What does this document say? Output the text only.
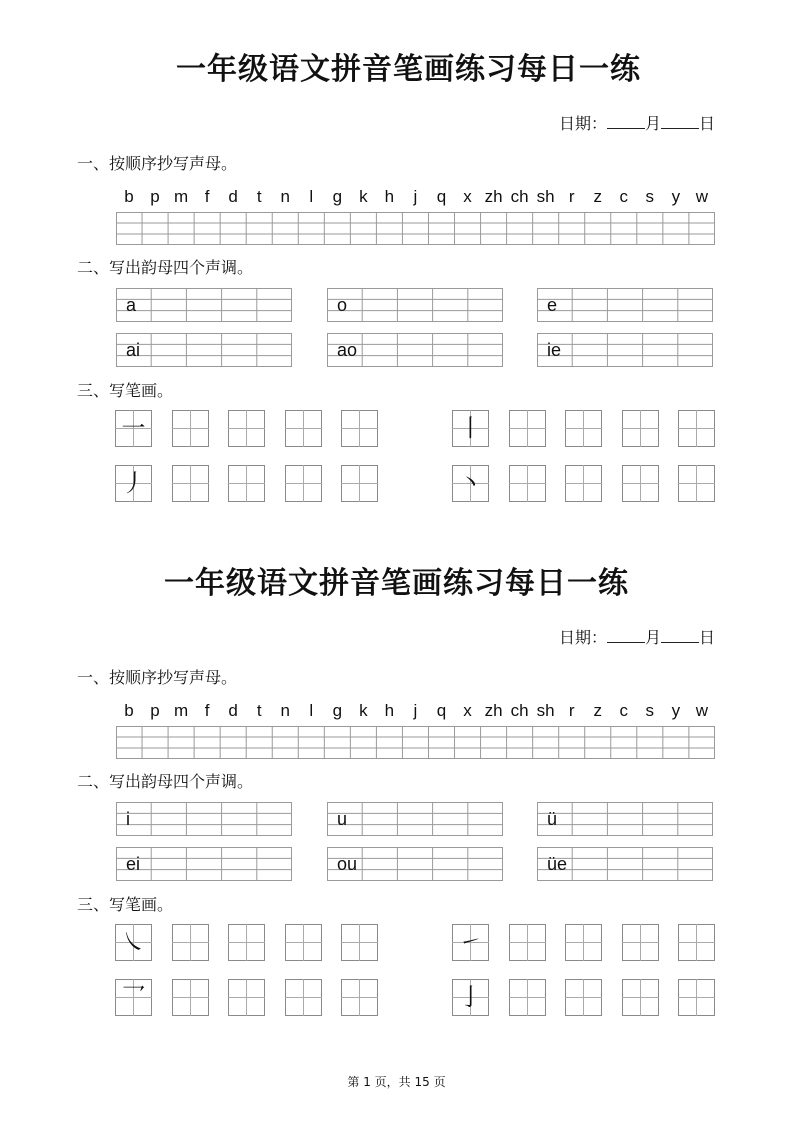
一年级语文拼音笔画练习每日一练
日期： 月 日
一、按顺序抄写声母。
b p m f	d	t	n	l	g	k	h	j	q	x zh ch sh r	z	c	s	y w
二、写出韵母四个声调。
a	o	e
ai	ao	ie
三、写笔画。
一	丨
丿	丶
一年级语文拼音笔画练习每日一练
日期： 月 日
一、按顺序抄写声母。
b p m f	d	t	n	l	g	k	h	j	q	x zh ch sh r	z	c	s	y w
二、写出韵母四个声调。
i	u	ü
ei	ou	üe
三、写笔画。
㇏	㇀
乛	亅
第 1 页，共 15 页
